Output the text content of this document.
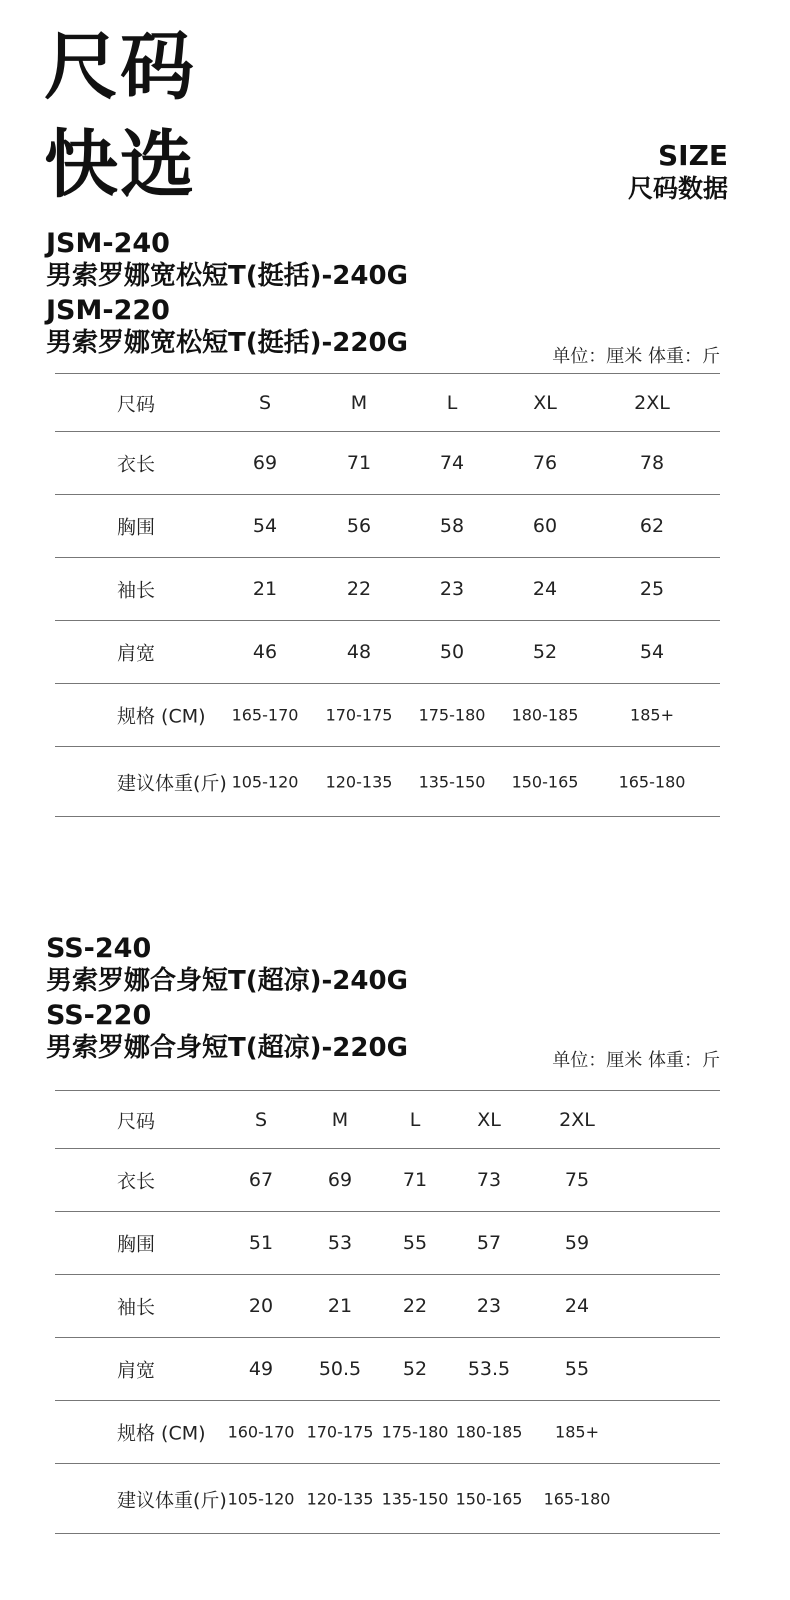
尺码
快选	SIZE
尺码数据
JSM-240
男索罗娜宽松短T(挺括)-240G
JSM-220
男索罗娜宽松短T(挺括)-220G	单位：厘米 体重：斤
尺码	S	M	L	XL	2XL
衣长	69	71	74	76	78
胸围	54	56	58	60	62
袖长	21	22	23	24	25
肩宽	46	48	50	52	54
规格 (CM) 165-170 170-175 175-180 180-185	185+
建议体重(斤) 105-120 120-135 135-150 150-165	165-180
SS-240
男索罗娜合身短T(超凉)-240G
SS-220
男索罗娜合身短T(超凉)-220G	单位：厘米 体重：斤
尺码	S	M	L	XL	2XL
衣长	67	69	71	73	75
胸围	51	53	55	57	59
袖长	20	21	22	23	24
肩宽	49 50.5 52 53.5	55
规格 (CM) 160-170 170-175 175-180 180-185 185+
建议体重(斤) 105-120 120-135 135-150 150-165 165-180
